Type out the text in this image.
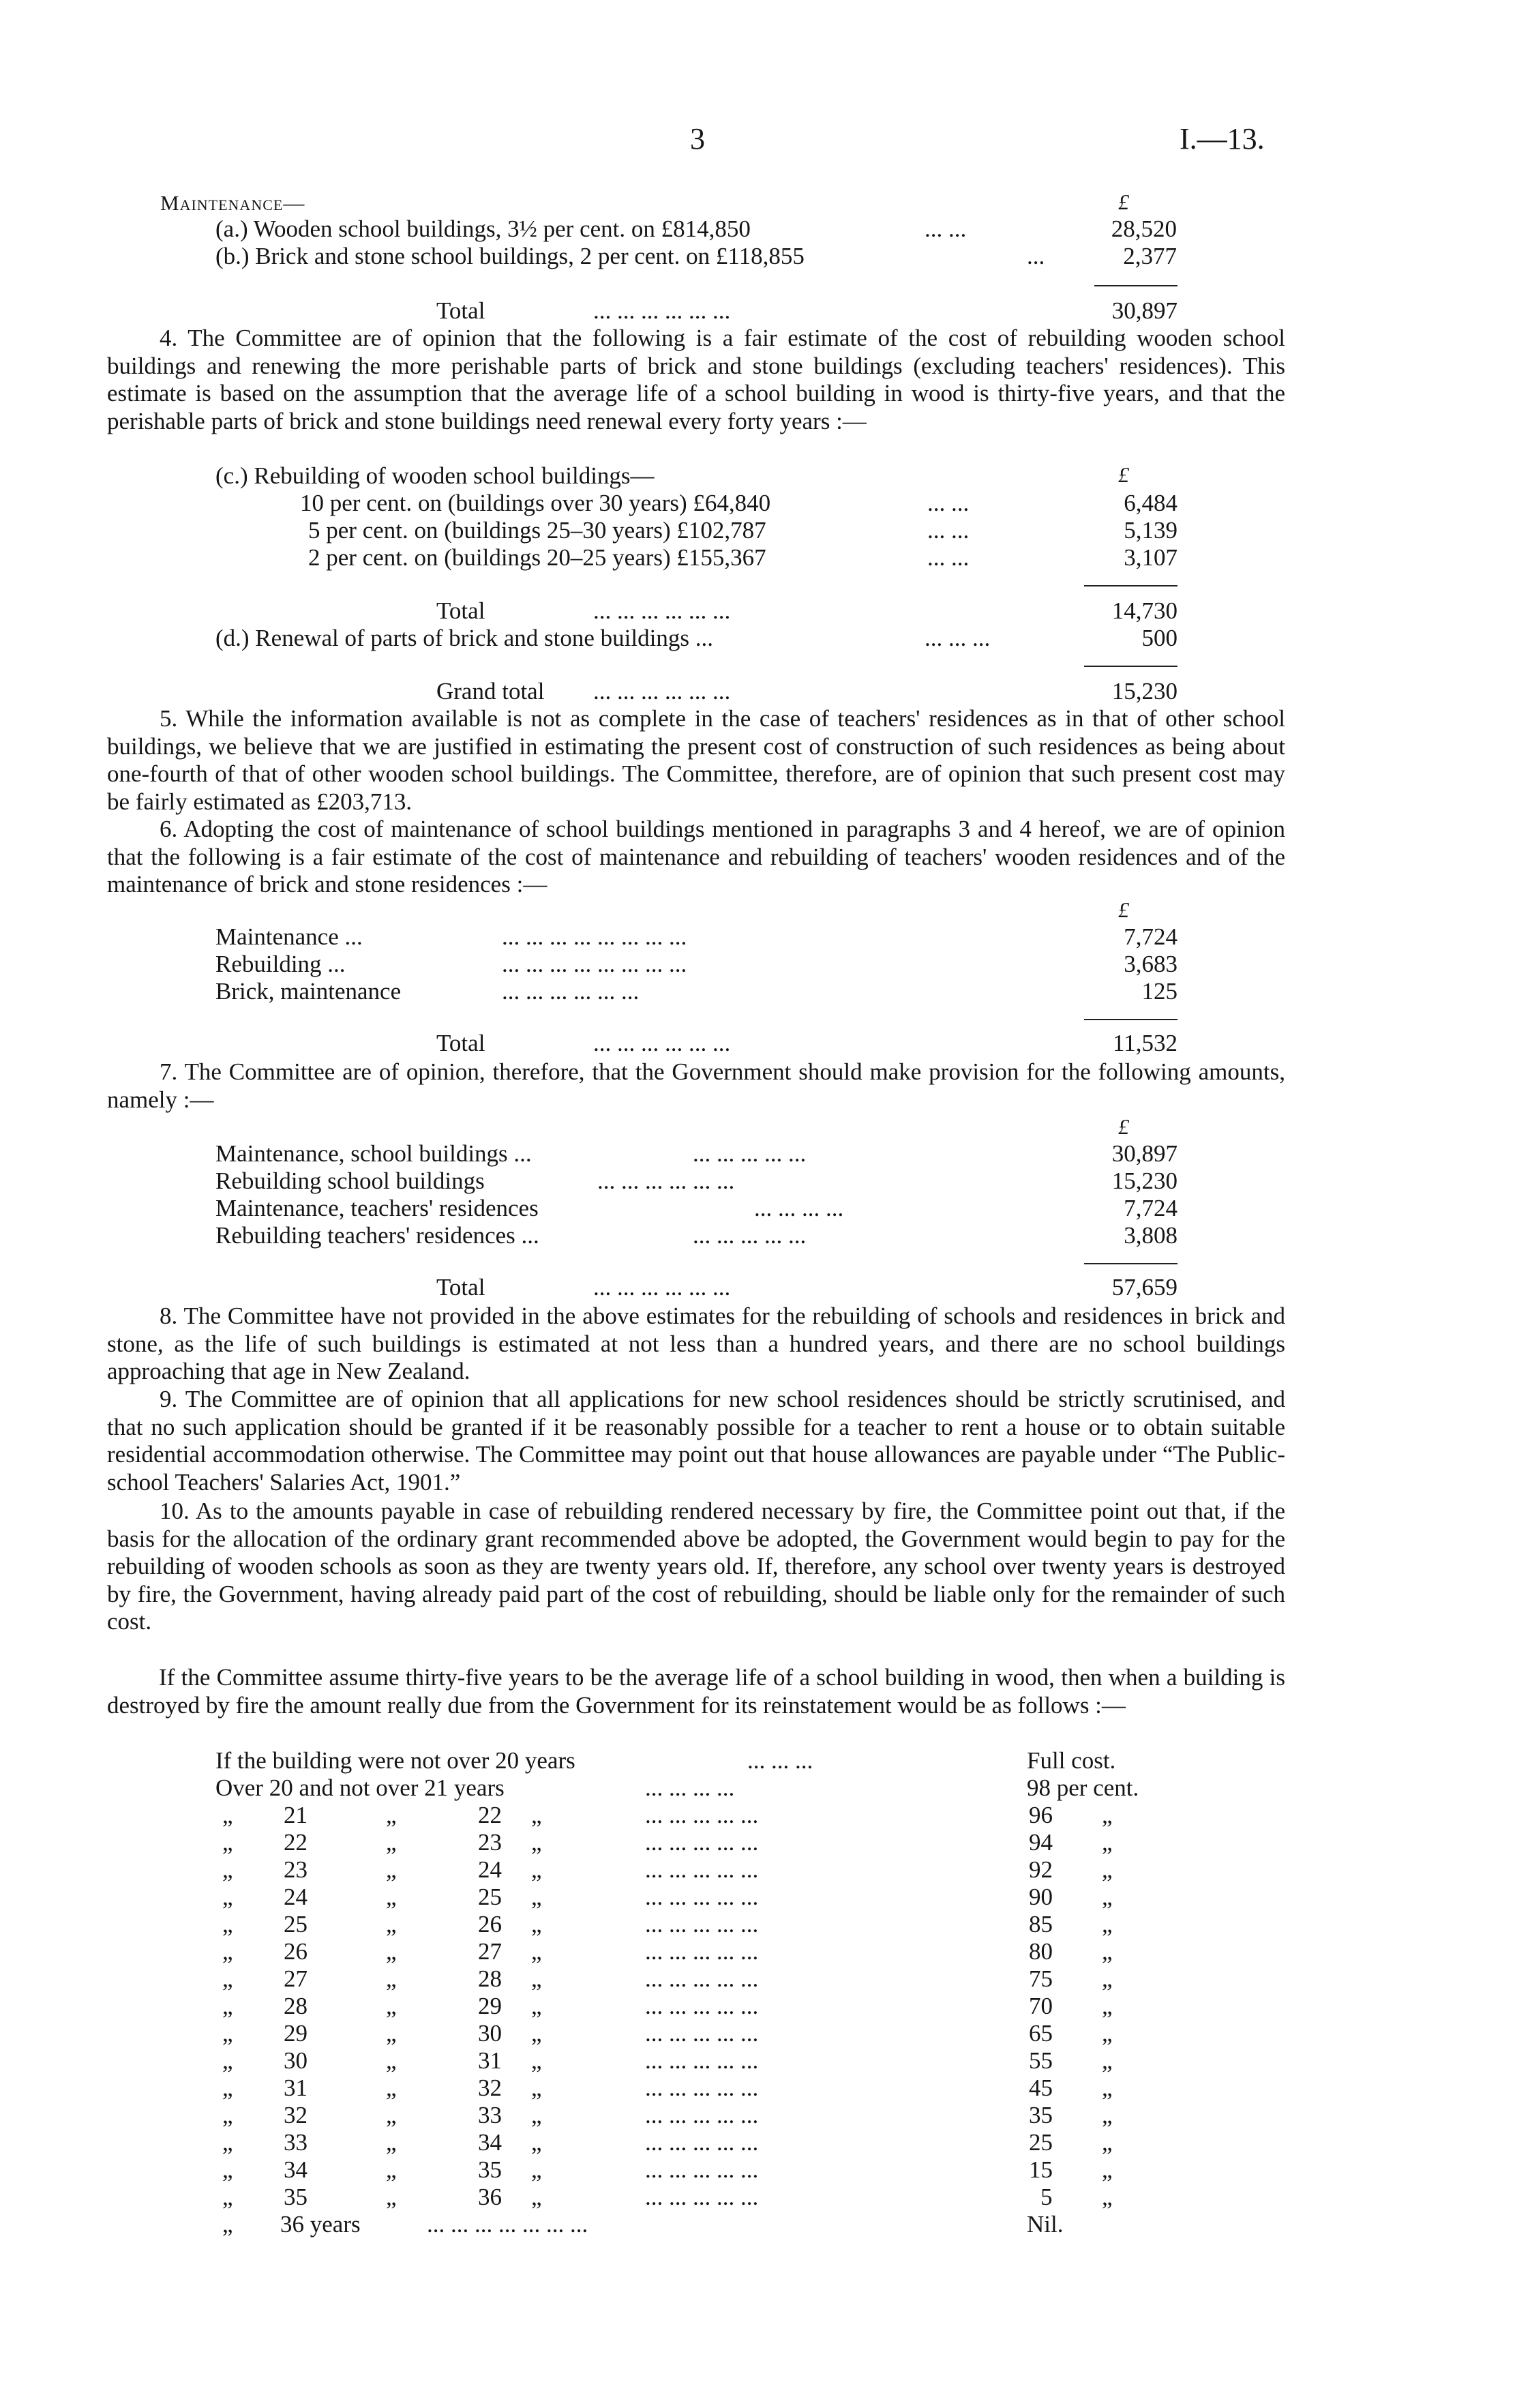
3	I.—13.
Maintenance—	£
(a.) Wooden school buildings, 3½ per cent. on £814,850	... ...	28,520
(b.) Brick and stone school buildings, 2 per cent. on £118,855	...	2,377
Total	... ... ... ... ... ...	30,897
4. The Committee are of opinion that the following is a fair estimate of the cost of rebuilding wooden school buildings and renewing the more perishable parts of brick and stone buildings (excluding teachers' residences). This estimate is based on the assumption that the average life of a school building in wood is thirty-five years, and that the perishable parts of brick and stone buildings need renewal every forty years :—
(c.) Rebuilding of wooden school buildings—	£
10 per cent. on (buildings over 30 years) £64,840	... ...	6,484
5 per cent. on (buildings 25–30 years) £102,787	... ...	5,139
2 per cent. on (buildings 20–25 years) £155,367	... ...	3,107
Total	... ... ... ... ... ...	14,730
(d.) Renewal of parts of brick and stone buildings ...	... ... ...	500
Grand total ... ... ... ... ... ...	15,230
5. While the information available is not as complete in the case of teachers' residences as in that of other school buildings, we believe that we are justified in estimating the present cost of construction of such residences as being about one-fourth of that of other wooden school buildings. The Committee, therefore, are of opinion that such present cost may be fairly estimated as £203,713.
6. Adopting the cost of maintenance of school buildings mentioned in paragraphs 3 and 4 hereof, we are of opinion that the following is a fair estimate of the cost of maintenance and rebuilding of teachers' wooden residences and of the maintenance of brick and stone residences :—
£
Maintenance ...	... ... ... ... ... ... ... ...	7,724
Rebuilding ...	... ... ... ... ... ... ... ...	3,683
Brick, maintenance	... ... ... ... ... ...	125
Total	... ... ... ... ... ...	11,532
7. The Committee are of opinion, therefore, that the Government should make provision for the following amounts, namely :—
£
Maintenance, school buildings ...	... ... ... ... ...	30,897
Rebuilding school buildings	... ... ... ... ... ...	15,230
Maintenance, teachers' residences	... ... ... ...	7,724
Rebuilding teachers' residences ...	... ... ... ... ...	3,808
Total	... ... ... ... ... ...	57,659
8. The Committee have not provided in the above estimates for the rebuilding of schools and residences in brick and stone, as the life of such buildings is estimated at not less than a hundred years, and there are no school buildings approaching that age in New Zealand.
9. The Committee are of opinion that all applications for new school residences should be strictly scrutinised, and that no such application should be granted if it be reasonably possible for a teacher to rent a house or to obtain suitable residential accommodation otherwise. The Committee may point out that house allowances are payable under “The Public-school Teachers' Salaries Act, 1901.”
10. As to the amounts payable in case of rebuilding rendered necessary by fire, the Committee point out that, if the basis for the allocation of the ordinary grant recommended above be adopted, the Government would begin to pay for the rebuilding of wooden schools as soon as they are twenty years old. If, therefore, any school over twenty years is destroyed by fire, the Government, having already paid part of the cost of rebuilding, should be liable only for the remainder of such cost.
If the Committee assume thirty-five years to be the average life of a school building in wood, then when a building is destroyed by fire the amount really due from the Government for its reinstatement would be as follows :—
If the building were not over 20 years	... ... ...	Full cost.
Over 20 and not over 21 years	... ... ... ...	98 per cent.
„ 21	„	22 „	... ... ... ... ...	96 „
„ 22	„	23 „	... ... ... ... ...	94 „
„ 23	„	24 „	... ... ... ... ...	92 „
„ 24	„	25 „	... ... ... ... ...	90 „
„ 25	„	26 „	... ... ... ... ...	85 „
„ 26	„	27 „	... ... ... ... ...	80 „
„ 27	„	28 „	... ... ... ... ...	75 „
„ 28	„	29 „	... ... ... ... ...	70 „
„ 29	„	30 „	... ... ... ... ...	65 „
„ 30	„	31 „	... ... ... ... ...	55 „
„ 31	„	32 „	... ... ... ... ...	45 „
„ 32	„	33 „	... ... ... ... ...	35 „
„ 33	„	34 „	... ... ... ... ...	25 „
„ 34	„	35 „	... ... ... ... ...	15 „
„ 35	„	36 „	... ... ... ... ...	5 „
„ 36 years	... ... ... ... ... ... ...	Nil.
